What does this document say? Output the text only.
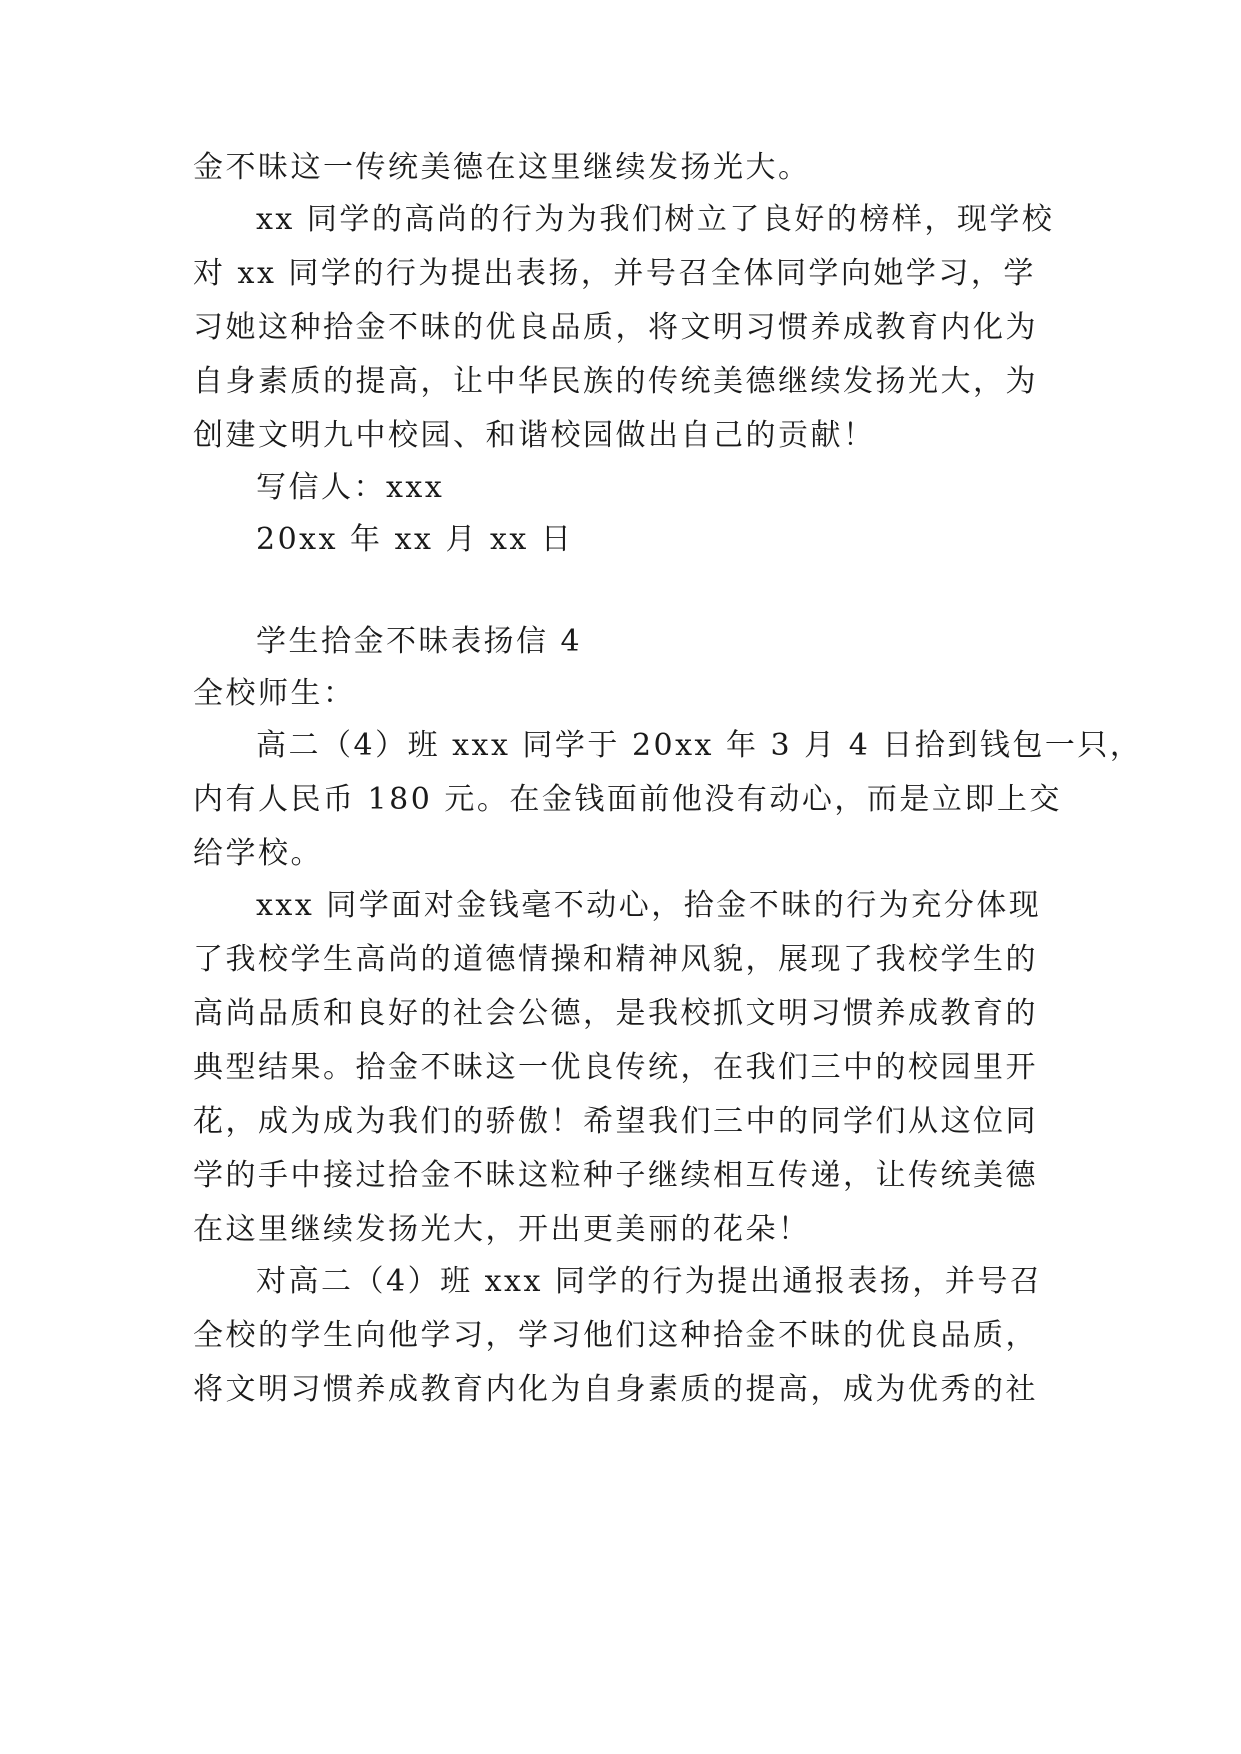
金不昧这一传统美德在这里继续发扬光大。
xx 同学的高尚的行为为我们树立了良好的榜样，现学校
对 xx 同学的行为提出表扬，并号召全体同学向她学习，学
习她这种拾金不昧的优良品质，将文明习惯养成教育内化为
自身素质的提高，让中华民族的传统美德继续发扬光大，为
创建文明九中校园、和谐校园做出自己的贡献！
写信人：xxx
20xx 年 xx 月 xx 日
学生拾金不昧表扬信 4
全校师生：
高二（4）班 xxx 同学于 20xx 年 3 月 4 日拾到钱包一只，
内有人民币 180 元。在金钱面前他没有动心，而是立即上交
给学校。
xxx 同学面对金钱毫不动心，拾金不昧的行为充分体现
了我校学生高尚的道德情操和精神风貌，展现了我校学生的
高尚品质和良好的社会公德，是我校抓文明习惯养成教育的
典型结果。拾金不昧这一优良传统，在我们三中的校园里开
花，成为成为我们的骄傲！希望我们三中的同学们从这位同
学的手中接过拾金不昧这粒种子继续相互传递，让传统美德
在这里继续发扬光大，开出更美丽的花朵！
对高二（4）班 xxx 同学的行为提出通报表扬，并号召
全校的学生向他学习，学习他们这种拾金不昧的优良品质，
将文明习惯养成教育内化为自身素质的提高，成为优秀的社
